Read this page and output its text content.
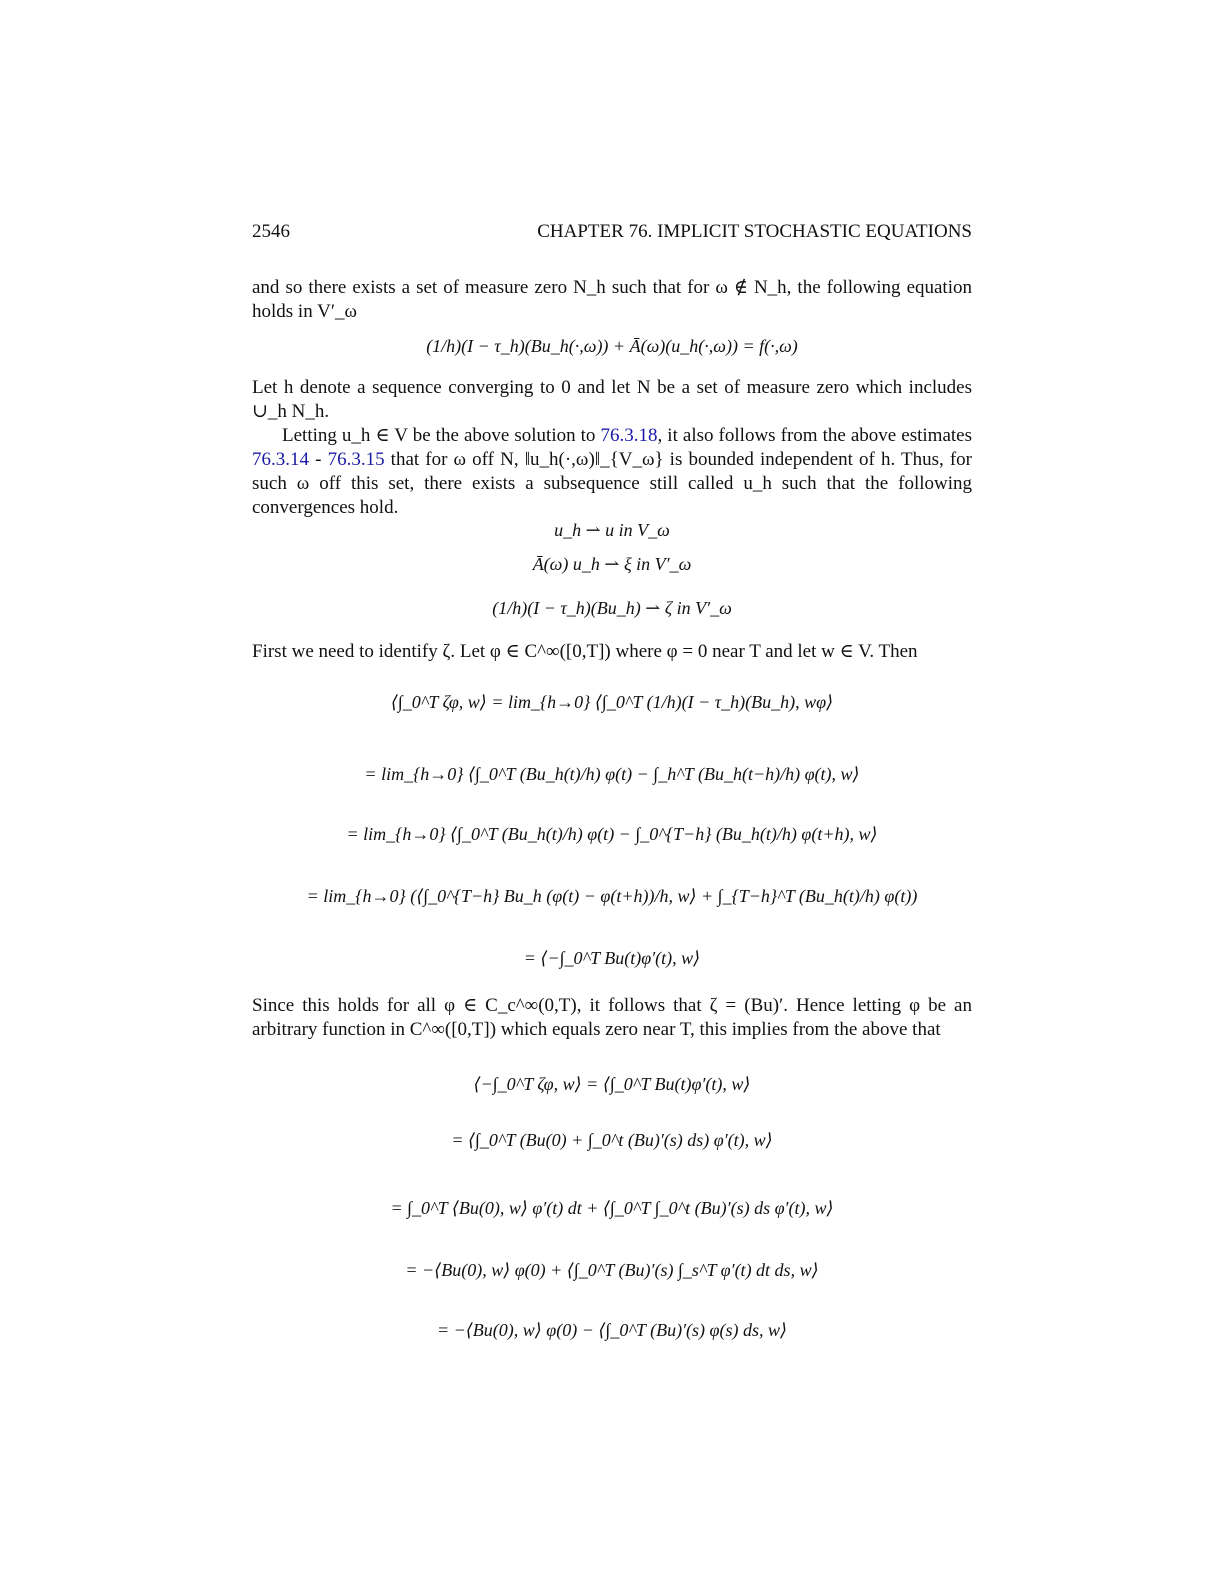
2546	CHAPTER 76. IMPLICIT STOCHASTIC EQUATIONS
and so there exists a set of measure zero N_h such that for ω ∉ N_h, the following equation holds in V′_ω
(1/h)(I − τ_h)(Bu_h(·,ω)) + Ā(ω)(u_h(·,ω)) = f(·,ω)
Let h denote a sequence converging to 0 and let N be a set of measure zero which includes ∪_h N_h.
Letting u_h ∈ V be the above solution to 76.3.18, it also follows from the above estimates 76.3.14 - 76.3.15 that for ω off N, ‖u_h(·,ω)‖_{V_ω} is bounded independent of h. Thus, for such ω off this set, there exists a subsequence still called u_h such that the following convergences hold.
u_h ⇀ u in V_ω
Ā(ω) u_h ⇀ ξ in V′_ω
(1/h)(I − τ_h)(Bu_h) ⇀ ζ in V′_ω
First we need to identify ζ. Let φ ∈ C^∞([0,T]) where φ = 0 near T and let w ∈ V. Then
⟨∫_0^T ζφ, w⟩ = lim_{h→0} ⟨∫_0^T (1/h)(I − τ_h)(Bu_h), wφ⟩
= lim_{h→0} ⟨∫_0^T (Bu_h(t)/h) φ(t) − ∫_h^T (Bu_h(t−h)/h) φ(t), w⟩
= lim_{h→0} ⟨∫_0^T (Bu_h(t)/h) φ(t) − ∫_0^{T−h} (Bu_h(t)/h) φ(t+h), w⟩
= lim_{h→0} (⟨∫_0^{T−h} Bu_h (φ(t) − φ(t+h))/h, w⟩ + ∫_{T−h}^T (Bu_h(t)/h) φ(t))
= ⟨−∫_0^T Bu(t)φ′(t), w⟩
Since this holds for all φ ∈ C_c^∞(0,T), it follows that ζ = (Bu)′. Hence letting φ be an arbitrary function in C^∞([0,T]) which equals zero near T, this implies from the above that
⟨−∫_0^T ζφ, w⟩ = ⟨∫_0^T Bu(t)φ′(t), w⟩
= ⟨∫_0^T (Bu(0) + ∫_0^t (Bu)′(s) ds) φ′(t), w⟩
= ∫_0^T ⟨Bu(0), w⟩ φ′(t) dt + ⟨∫_0^T ∫_0^t (Bu)′(s) ds φ′(t), w⟩
= −⟨Bu(0), w⟩ φ(0) + ⟨∫_0^T (Bu)′(s) ∫_s^T φ′(t) dt ds, w⟩
= −⟨Bu(0), w⟩ φ(0) − ⟨∫_0^T (Bu)′(s) φ(s) ds, w⟩
